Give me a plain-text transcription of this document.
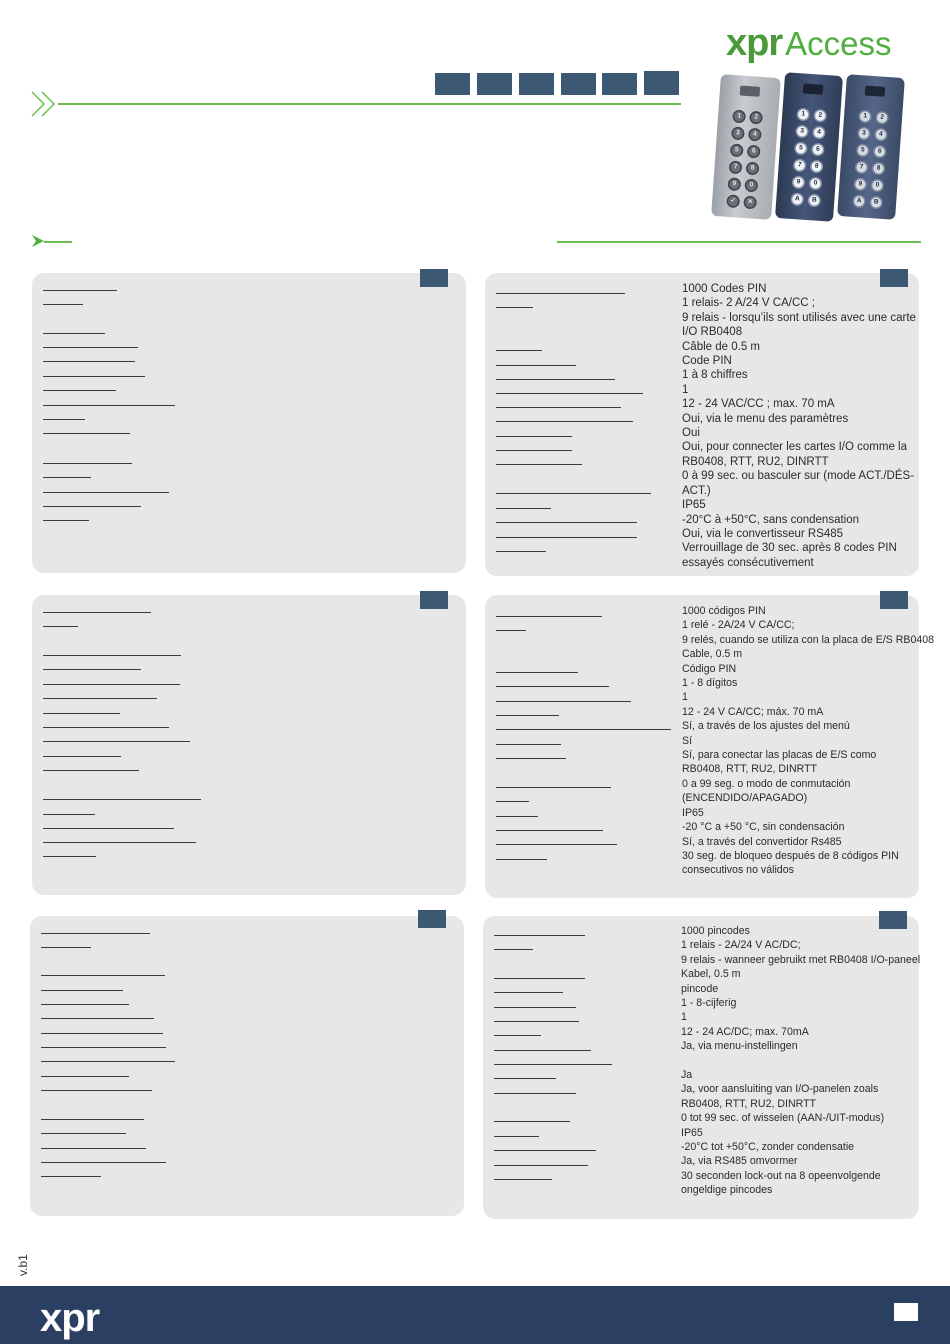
xpr Access
1	2
3	4
5	6
7	8
9	0
✓	✕
1	2
3	4
5	6
7	8
9	0
A	B
1	2
3	4
5	6
7	8
9	0
A	B
1000 Codes PIN
1 relais- 2 A/24 V CA/CC ;
9 relais - lorsqu’ils sont utilisés avec une carte
I/O RB0408
Câble de 0.5 m
Code PIN
1 à 8 chiffres
1
12 - 24 VAC/CC ; max. 70 mA
Oui, via le menu des paramètres
Oui
Oui, pour connecter les cartes I/O comme la
RB0408, RTT, RU2, DINRTT
0 à 99 sec. ou basculer sur (mode ACT./DÉS-
ACT.)
IP65
-20°C à +50°C, sans condensation
Oui, via le convertisseur RS485
Verrouillage de 30 sec. après 8 codes PIN
essayés consécutivement
1000 códigos PIN
1 relé - 2A/24 V CA/CC;
9 relés, cuando se utiliza con la placa de E/S RB0408
Cable, 0.5 m
Código PIN
1 - 8 dígitos
1
12 - 24 V CA/CC; máx. 70 mA
Sí, a través de los ajustes del menú
Sí
Sí, para conectar las placas de E/S como
RB0408, RTT, RU2, DINRTT
0 a 99 seg. o modo de conmutación
(ENCENDIDO/APAGADO)
IP65
-20 °C a +50 °C, sin condensación
Sí, a través del convertidor Rs485
30 seg. de bloqueo después de 8 códigos PIN
consecutivos no válidos
1000 pincodes
1 relais - 2A/24 V AC/DC;
9 relais - wanneer gebruikt met RB0408 I/O-paneel
Kabel, 0.5 m
pincode
1 - 8-cijferig
1
12 - 24 AC/DC; max. 70mA
Ja, via menu-instellingen
Ja
Ja, voor aansluiting van I/O-panelen zoals
RB0408, RTT, RU2, DINRTT
0 tot 99 sec. of wisselen (AAN-/UIT-modus)
IP65
-20°C tot +50°C, zonder condensatie
Ja, via RS485 omvormer
30 seconden lock-out na 8 opeenvolgende
ongeldige pincodes
v.b1
xpr
